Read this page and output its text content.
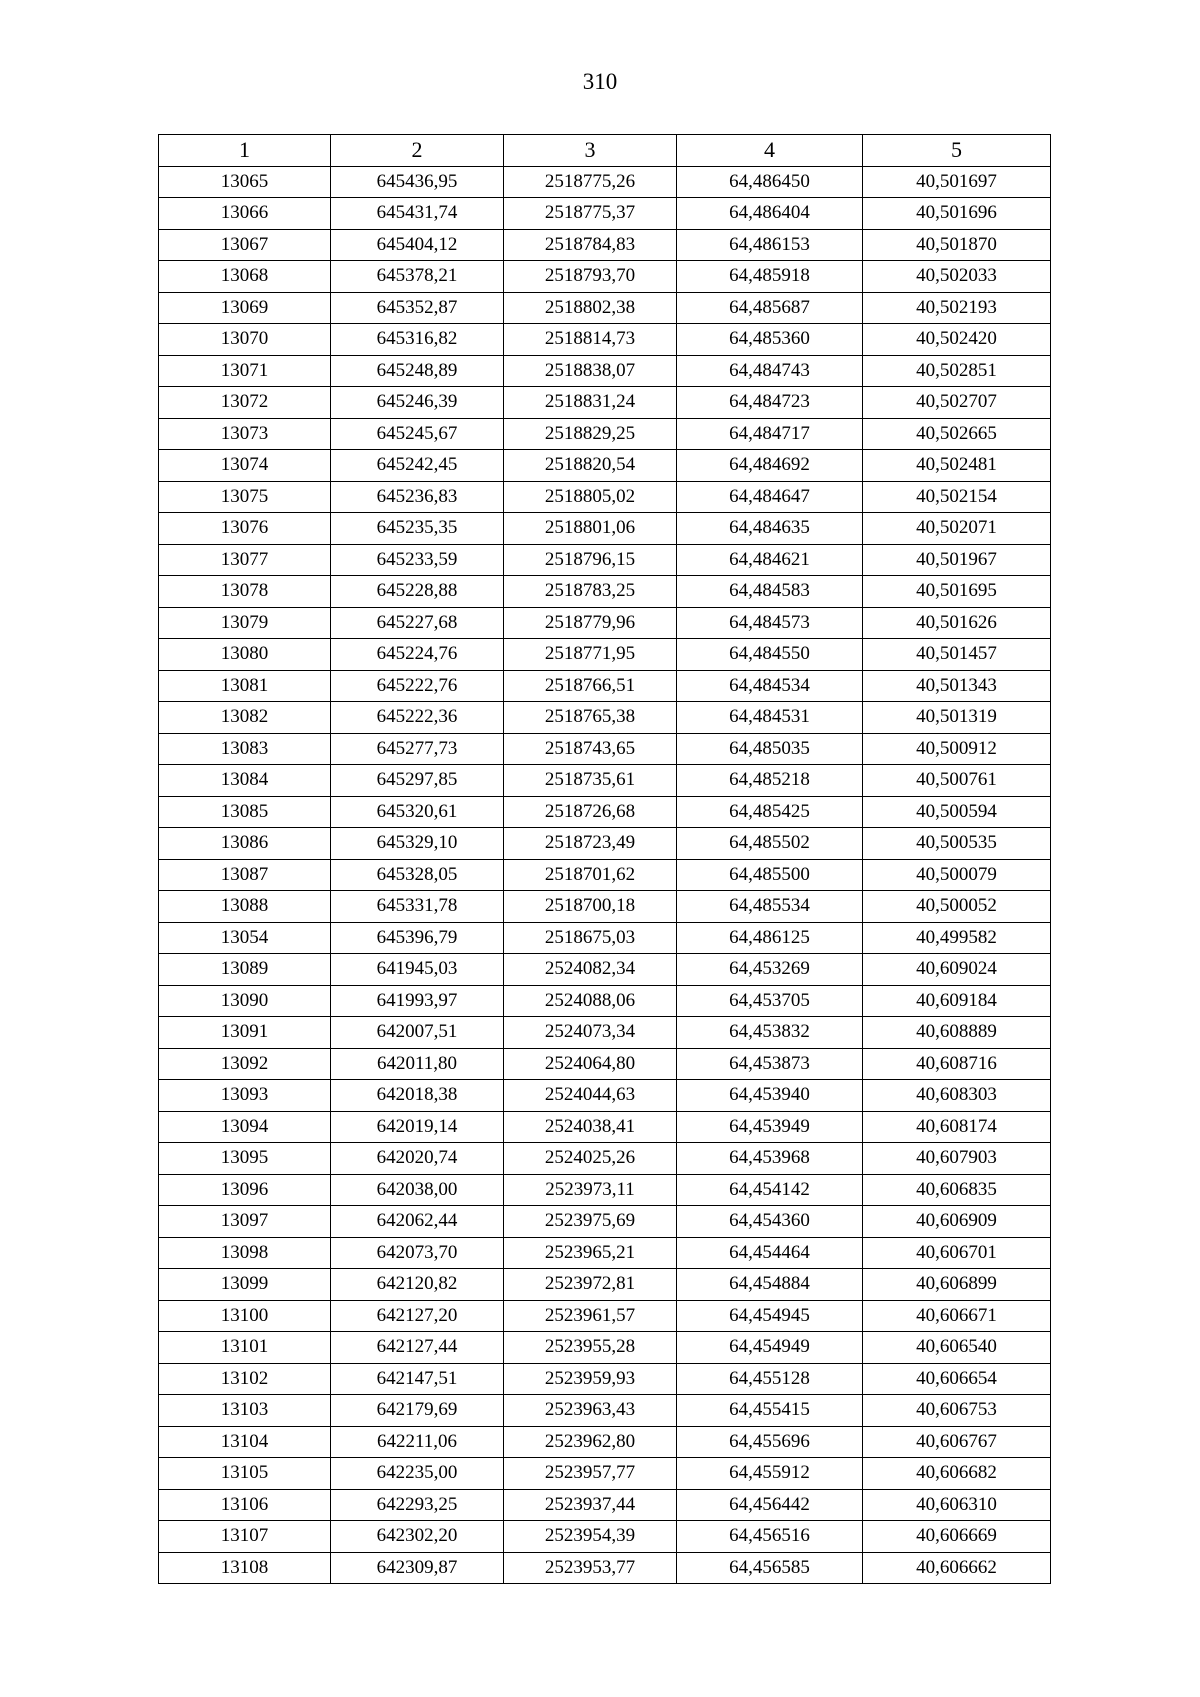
310
1	2	3	4	5
13065	645436,95	2518775,26	64,486450	40,501697
13066	645431,74	2518775,37	64,486404	40,501696
13067	645404,12	2518784,83	64,486153	40,501870
13068	645378,21	2518793,70	64,485918	40,502033
13069	645352,87	2518802,38	64,485687	40,502193
13070	645316,82	2518814,73	64,485360	40,502420
13071	645248,89	2518838,07	64,484743	40,502851
13072	645246,39	2518831,24	64,484723	40,502707
13073	645245,67	2518829,25	64,484717	40,502665
13074	645242,45	2518820,54	64,484692	40,502481
13075	645236,83	2518805,02	64,484647	40,502154
13076	645235,35	2518801,06	64,484635	40,502071
13077	645233,59	2518796,15	64,484621	40,501967
13078	645228,88	2518783,25	64,484583	40,501695
13079	645227,68	2518779,96	64,484573	40,501626
13080	645224,76	2518771,95	64,484550	40,501457
13081	645222,76	2518766,51	64,484534	40,501343
13082	645222,36	2518765,38	64,484531	40,501319
13083	645277,73	2518743,65	64,485035	40,500912
13084	645297,85	2518735,61	64,485218	40,500761
13085	645320,61	2518726,68	64,485425	40,500594
13086	645329,10	2518723,49	64,485502	40,500535
13087	645328,05	2518701,62	64,485500	40,500079
13088	645331,78	2518700,18	64,485534	40,500052
13054	645396,79	2518675,03	64,486125	40,499582
13089	641945,03	2524082,34	64,453269	40,609024
13090	641993,97	2524088,06	64,453705	40,609184
13091	642007,51	2524073,34	64,453832	40,608889
13092	642011,80	2524064,80	64,453873	40,608716
13093	642018,38	2524044,63	64,453940	40,608303
13094	642019,14	2524038,41	64,453949	40,608174
13095	642020,74	2524025,26	64,453968	40,607903
13096	642038,00	2523973,11	64,454142	40,606835
13097	642062,44	2523975,69	64,454360	40,606909
13098	642073,70	2523965,21	64,454464	40,606701
13099	642120,82	2523972,81	64,454884	40,606899
13100	642127,20	2523961,57	64,454945	40,606671
13101	642127,44	2523955,28	64,454949	40,606540
13102	642147,51	2523959,93	64,455128	40,606654
13103	642179,69	2523963,43	64,455415	40,606753
13104	642211,06	2523962,80	64,455696	40,606767
13105	642235,00	2523957,77	64,455912	40,606682
13106	642293,25	2523937,44	64,456442	40,606310
13107	642302,20	2523954,39	64,456516	40,606669
13108	642309,87	2523953,77	64,456585	40,606662
